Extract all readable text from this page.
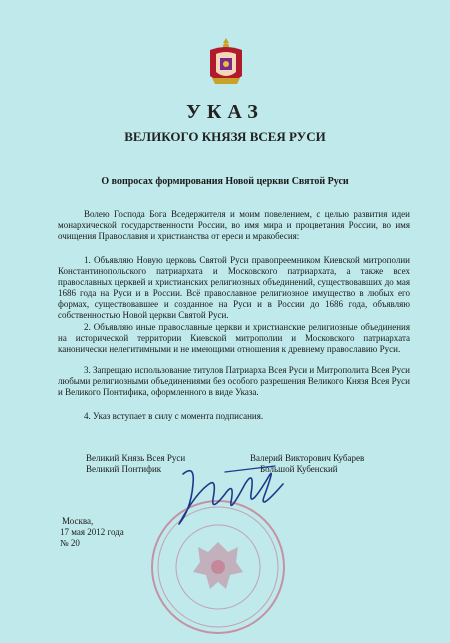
УКАЗ
ВЕЛИКОГО КНЯЗЯ ВСЕЯ РУСИ
О вопросах формирования Новой церкви Святой Руси

Волею Господа Бога Вседержителя и моим повелением, с целью развития идеи монархической государственности России, во имя мира и процветания России, во имя очищения Православия и христианства от ереси и мракобесия:

1. Объявляю Новую церковь Святой Руси правопреемником Киевской митрополии Константинопольского патриархата и Московского патриархата, а также всех православных церквей и христианских религиозных объединений, существовавших до мая 1686 года на Руси и в России. Всё православное религиозное имущество в любых его формах, существовавшее и созданное на Руси и в России до 1686 года, объявляю собственностью Новой церкви Святой Руси.

2. Объявляю иные православные церкви и христианские религиозные объединения на исторической территории Киевской митрополии и Московского патриархата канонически нелегитимными и не имеющими отношения к древнему православию Руси.

3. Запрещаю использование титулов Патриарха Всея Руси и Митрополита Всея Руси любыми религиозными объединениями без особого разрешения Великого Князя Всея Руси и Великого Понтифика, оформленного в виде Указа.

4. Указ вступает в силу с момента подписания.

Великий Князь Всея Руси
Великий Понтифик
Валерий Викторович Кубарев
Большой Кубенский
Москва,
17 мая 2012 года
№ 20
